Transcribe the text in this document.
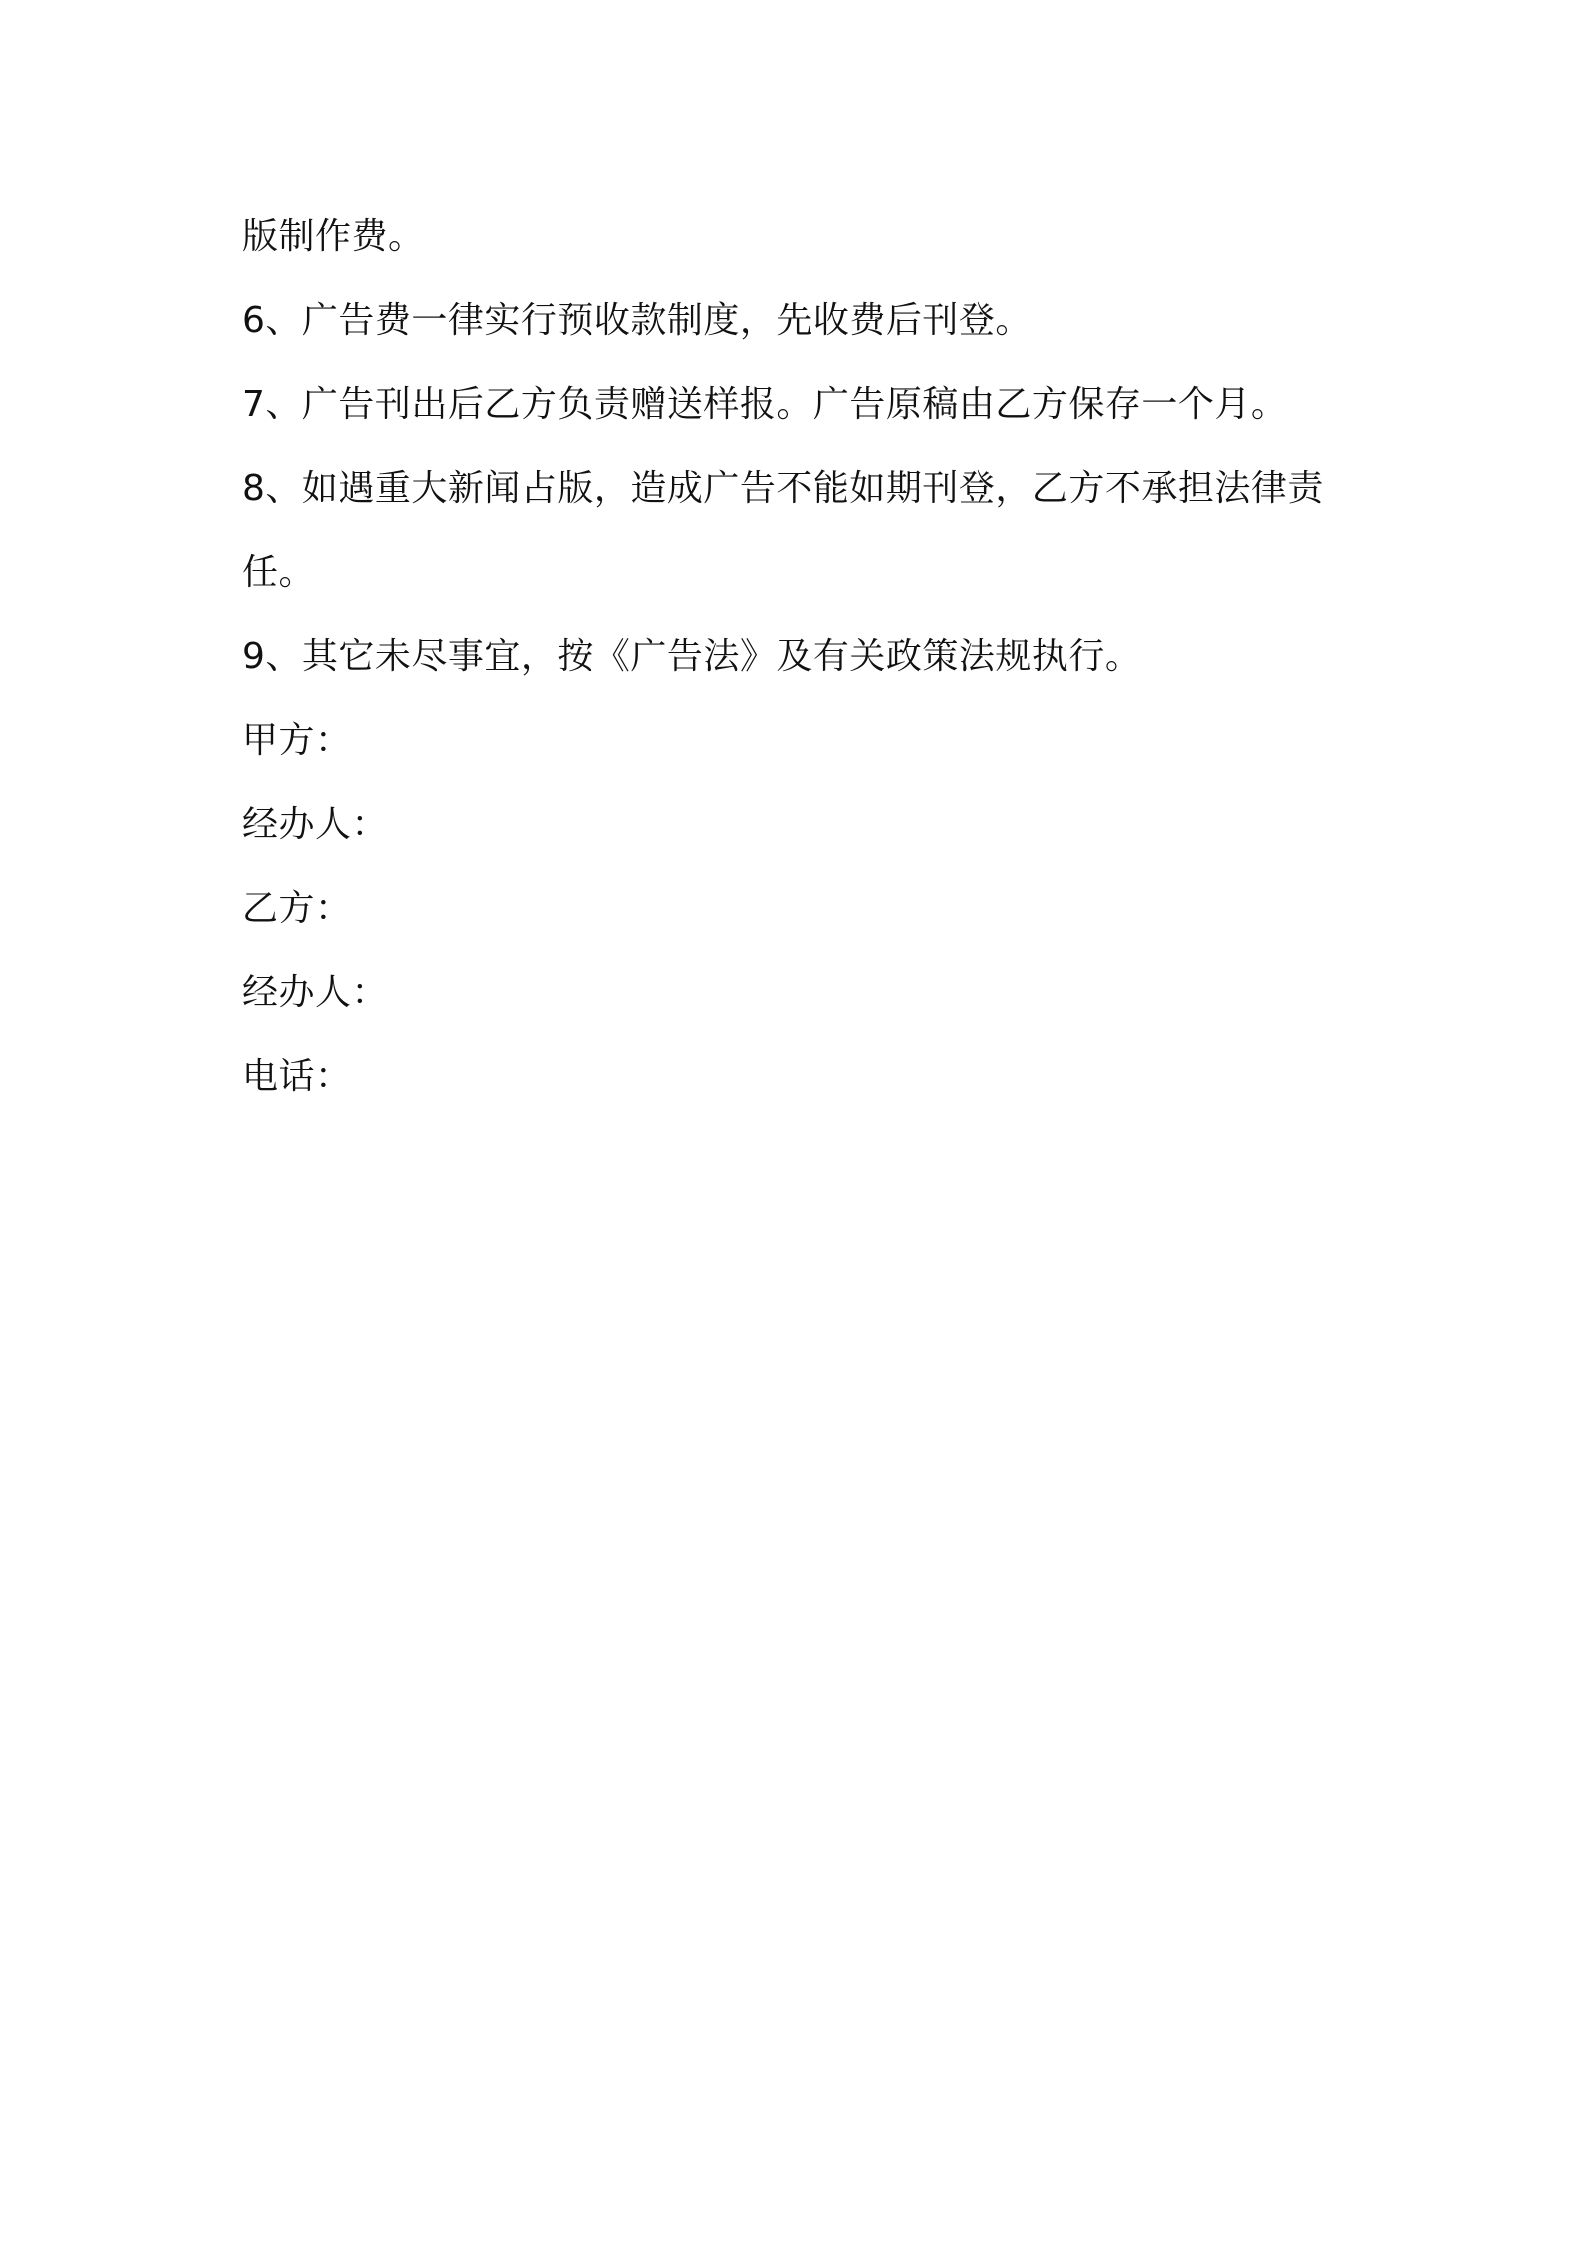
版制作费。
6、广告费一律实行预收款制度，先收费后刊登。
7、广告刊出后乙方负责赠送样报。广告原稿由乙方保存一个月。
8、如遇重大新闻占版，造成广告不能如期刊登，乙方不承担法律责
任。
9、其它未尽事宜，按《广告法》及有关政策法规执行。
甲方：
经办人：
乙方：
经办人：
电话：
